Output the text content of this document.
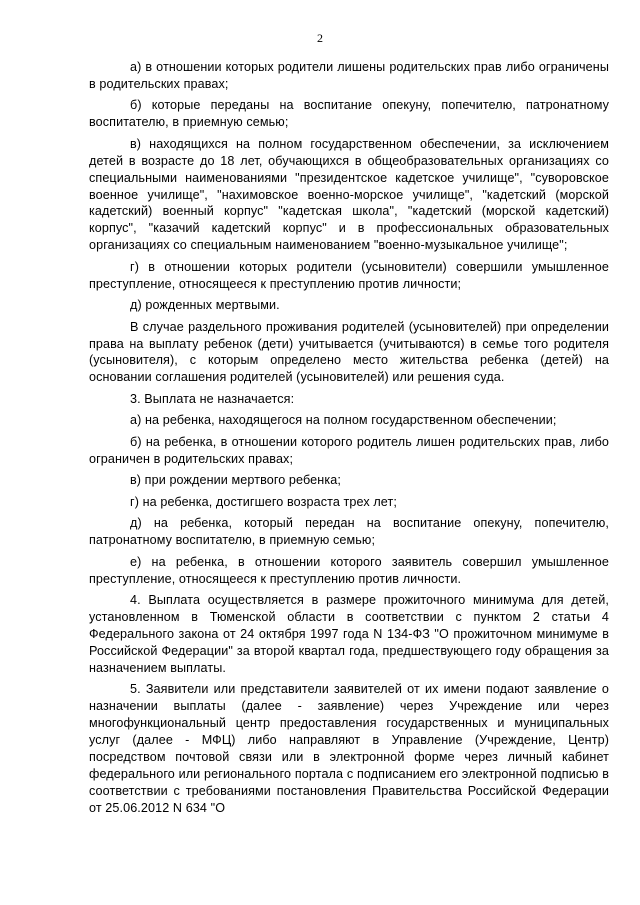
2

а) в отношении которых родители лишены родительских прав либо ограничены в родительских правах;

б) которые переданы на воспитание опекуну, попечителю, патронатному воспитателю, в приемную семью;

в) находящихся на полном государственном обеспечении, за исключением детей в возрасте до 18 лет, обучающихся в общеобразовательных организациях со специальными наименованиями "президентское кадетское училище", "суворовское военное училище", "нахимовское военно-морское училище", "кадетский (морской кадетский) военный корпус" "кадетская школа", "кадетский (морской кадетский) корпус", "казачий кадетский корпус" и в профессиональных образовательных организациях со специальным наименованием "военно-музыкальное училище";

г) в отношении которых родители (усыновители) совершили умышленное преступление, относящееся к преступлению против личности;

д) рожденных мертвыми.

В случае раздельного проживания родителей (усыновителей) при определении права на выплату ребенок (дети) учитывается (учитываются) в семье того родителя (усыновителя), с которым определено место жительства ребенка (детей) на основании соглашения родителей (усыновителей) или решения суда.

3. Выплата не назначается:

а) на ребенка, находящегося на полном государственном обеспечении;

б) на ребенка, в отношении которого родитель лишен родительских прав, либо ограничен в родительских правах;

в) при рождении мертвого ребенка;

г) на ребенка, достигшего возраста трех лет;

д) на ребенка, который передан на воспитание опекуну, попечителю, патронатному воспитателю, в приемную семью;

е) на ребенка, в отношении которого заявитель совершил умышленное преступление, относящееся к преступлению против личности.

4. Выплата осуществляется в размере прожиточного минимума для детей, установленном в Тюменской области в соответствии с пунктом 2 статьи 4 Федерального закона от 24 октября 1997 года N 134-ФЗ "О прожиточном минимуме в Российской Федерации" за второй квартал года, предшествующего году обращения за назначением выплаты.

5. Заявители или представители заявителей от их имени подают заявление о назначении выплаты (далее - заявление) через Учреждение или через многофункциональный центр предоставления государственных и муниципальных услуг (далее - МФЦ) либо направляют в Управление (Учреждение, Центр) посредством почтовой связи или в электронной форме через личный кабинет федерального или регионального портала с подписанием его электронной подписью в соответствии с требованиями постановления Правительства Российской Федерации от 25.06.2012 N 634 "О
